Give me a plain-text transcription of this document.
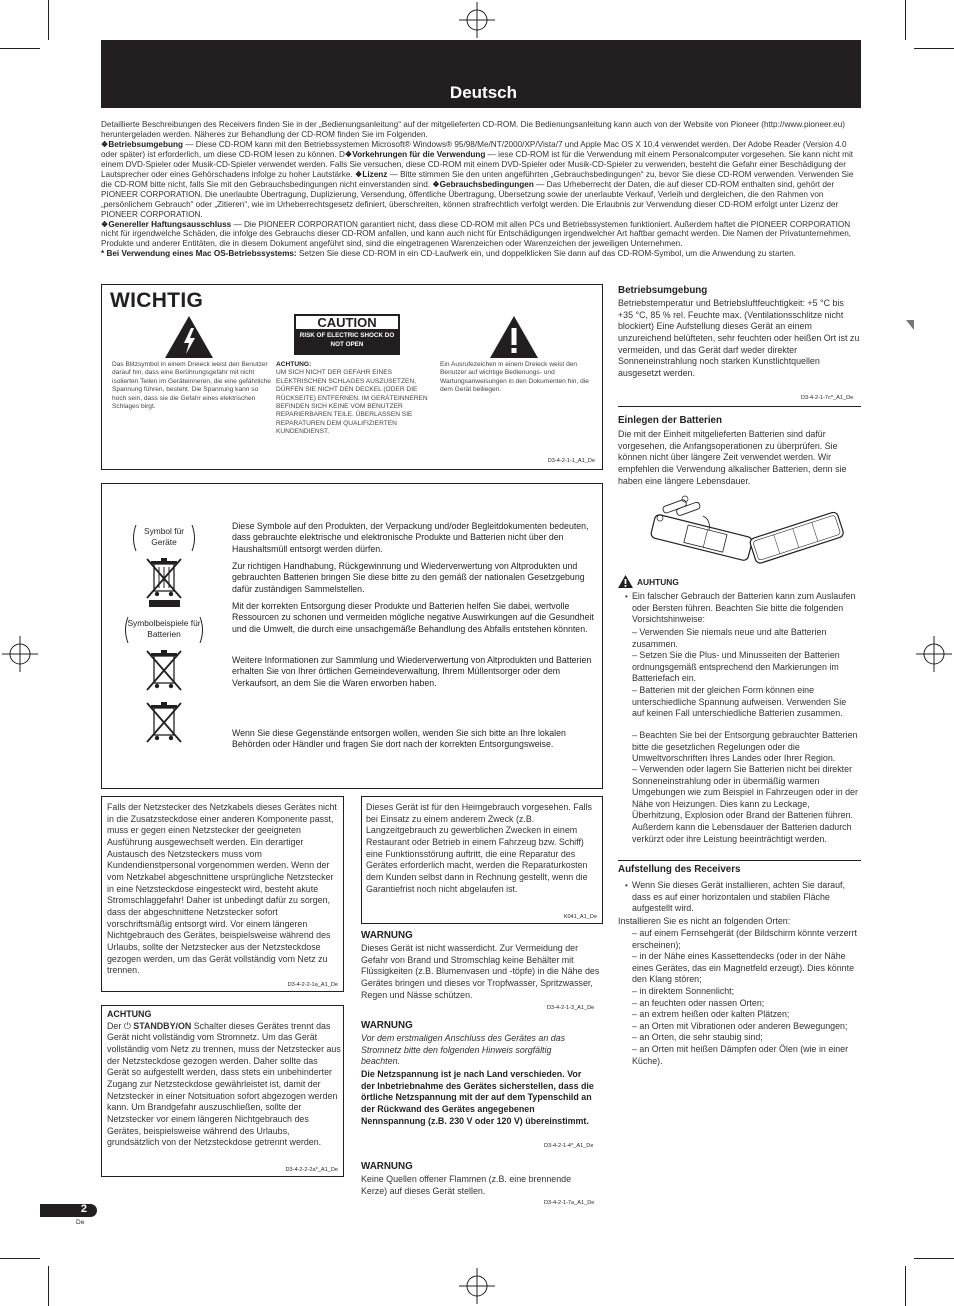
Deutsch

Detaillierte Beschreibungen des Receivers finden Sie in der „Bedienungsanleitung“ auf der mitgelieferten CD-ROM. Die Bedienungsanleitung kann auch von der Website von Pioneer (http://www.pioneer.eu) heruntergeladen werden. Näheres zur Behandlung der CD-ROM finden Sie im Folgenden.

❖Betriebsumgebung — Diese CD-ROM kann mit den Betriebssystemen Microsoft® Windows® 95/98/Me/NT/2000/XP/Vista/7 und Apple Mac OS X 10.4 verwendet werden. Der Adobe Reader (Version 4.0 oder später) ist erforderlich, um diese CD-ROM lesen zu können. D❖Vorkehrungen für die Verwendung — iese CD-ROM ist für die Verwendung mit einem Personalcomputer vorgesehen. Sie kann nicht mit einem DVD-Spieler oder Musik-CD-Spieler verwendet werden. Falls Sie versuchen, diese CD-ROM mit einem DVD-Spieler oder Musik-CD-Spieler zu verwenden, besteht die Gefahr einer Beschädigung der Lautsprecher oder eines Gehörschadens infolge zu hoher Lautstärke. ❖Lizenz — Bitte stimmen Sie den unten angeführten „Gebrauchsbedingungen“ zu, bevor Sie diese CD-ROM verwenden. Verwenden Sie die CD-ROM bitte nicht, falls Sie mit den Gebrauchsbedingungen nicht einverstanden sind. ❖Gebrauchsbedingungen — Das Urheberrecht der Daten, die auf dieser CD-ROM enthalten sind, gehört der PIONEER CORPORATION. Die unerlaubte Übertragung, Duplizierung, Versendung, öffentliche Übertragung, Übersetzung sowie der unerlaubte Verkauf, Verleih und dergleichen, die den Rahmen von „persönlichem Gebrauch“ oder „Zitieren“, wie im Urheberrechtsgesetz definiert, überschreiten, können strafrechtlich verfolgt werden. Die Erlaubnis zur Verwendung dieser CD-ROM erfolgt unter Lizenz der PIONEER CORPORATION.

❖Genereller Haftungsausschluss — Die PIONEER CORPORATION garantiert nicht, dass diese CD-ROM mit allen PCs und Betriebssystemen funktioniert. Außerdem haftet die PIONEER CORPORATION nicht für irgendwelche Schäden, die infolge des Gebrauchs dieser CD-ROM anfallen, und kann auch nicht für Entschädigungen irgendwelcher Art haftbar gemacht werden. Die Namen der Privatunternehmen, Produkte und anderer Entitäten, die in diesem Dokument angeführt sind, sind die eingetragenen Warenzeichen oder Warenzeichen der jeweiligen Unternehmen.

* Bei Verwendung eines Mac OS-Betriebssystems: Setzen Sie diese CD-ROM in ein CD-Laufwerk ein, und doppelklicken Sie dann auf das CD-ROM-Symbol, um die Anwendung zu starten.

WICHTIG
CAUTION
RISK OF ELECTRIC SHOCK DO NOT OPEN
Das Blitzsymbol in einem Dreieck weist den Benutzer darauf hin, dass eine Berührungsgefahr mit nicht isolierten Teilen im Geräteinneren, die eine gefährliche Spannung führen, besteht. Die Spannung kann so hoch sein, dass sie die Gefahr eines elektrischen Schlages birgt.
ACHTUNG:
UM SICH NICHT DER GEFAHR EINES ELEKTRISCHEN SCHLAGES AUSZUSETZEN, DÜRFEN SIE NICHT DEN DECKEL (ODER DIE RÜCKSEITE) ENTFERNEN. IM GERÄTEINNEREN BEFINDEN SICH KEINE VOM BENUTZER REPARIERBAREN TEILE. ÜBERLASSEN SIE REPARATUREN DEM QUALIFIZIERTEN KUNDENDIENST.
Ein Ausrufezeichen in einem Dreieck weist den Benutzer auf wichtige Bedienungs- und Wartungsanweisungen in den Dokumenten hin, die dem Gerät beiliegen.
D3-4-2-1-1_A1_De
Symbol für Geräte
Symbolbeispiele für Batterien
Diese Symbole auf den Produkten, der Verpackung und/oder Begleitdokumenten bedeuten, dass gebrauchte elektrische und elektronische Produkte und Batterien nicht über den Haushaltsmüll entsorgt werden dürfen.
Zur richtigen Handhabung, Rückgewinnung und Wiederverwertung von Altprodukten und gebrauchten Batterien bringen Sie diese bitte zu den gemäß der nationalen Gesetzgebung dafür zuständigen Sammelstellen.
Mit der korrekten Entsorgung dieser Produkte und Batterien helfen Sie dabei, wertvolle Ressourcen zu schonen und vermeiden mögliche negative Auswirkungen auf die Gesundheit und die Umwelt, die durch eine unsachgemäße Behandlung des Abfalls entstehen könnten.
Weitere Informationen zur Sammlung und Wiederverwertung von Altprodukten und Batterien erhalten Sie von Ihrer örtlichen Gemeindeverwaltung, Ihrem Müllentsorger oder dem Verkaufsort, an dem Sie die Waren erworben haben.
Wenn Sie diese Gegenstände entsorgen wollen, wenden Sie sich bitte an Ihre lokalen Behörden oder Händler und fragen Sie dort nach der korrekten Entsorgungsweise.
Falls der Netzstecker des Netzkabels dieses Gerätes nicht in die Zusatzsteckdose einer anderen Komponente passt, muss er gegen einen Netzstecker der geeigneten Ausführung ausgewechselt werden. Ein derartiger Austausch des Netzsteckers muss vom Kundendienstpersonal vorgenommen werden. Wenn der vom Netzkabel abgeschnittene ursprüngliche Netzstecker in eine Netzsteckdose eingesteckt wird, besteht akute Stromschlaggefahr! Daher ist unbedingt dafür zu sorgen, dass der abgeschnittene Netzstecker sofort vorschriftsmäßig entsorgt wird. Vor einem längeren Nichtgebrauch des Gerätes, beispielsweise während des Urlaubs, sollte der Netzstecker aus der Netzsteckdose gezogen werden, um das Gerät vollständig vom Netz zu trennen.
D3-4-2-2-1a_A1_De
ACHTUNG
Der ⏻ STANDBY/ON Schalter dieses Gerätes trennt das Gerät nicht vollständig vom Stromnetz. Um das Gerät vollständig vom Netz zu trennen, muss der Netzstecker aus der Netzsteckdose gezogen werden. Daher sollte das Gerät so aufgestellt werden, dass stets ein unbehinderter Zugang zur Netzsteckdose gewährleistet ist, damit der Netzstecker in einer Notsituation sofort abgezogen werden kann. Um Brandgefahr auszuschließen, sollte der Netzstecker vor einem längeren Nichtgebrauch des Gerätes, beispielsweise während des Urlaubs, grundsätzlich von der Netzsteckdose getrennt werden.
D3-4-2-2-2a*_A1_De
Dieses Gerät ist für den Heimgebrauch vorgesehen. Falls bei Einsatz zu einem anderem Zweck (z.B. Langzeitgebrauch zu gewerblichen Zwecken in einem Restaurant oder Betrieb in einem Fahrzeug bzw. Schiff) eine Funktionsstörung auftritt, die eine Reparatur des Gerätes erforderlich macht, werden die Reparaturkosten dem Kunden selbst dann in Rechnung gestellt, wenn die Garantiefrist noch nicht abgelaufen ist.
K041_A1_De
WARNUNG
Dieses Gerät ist nicht wasserdicht. Zur Vermeidung der Gefahr von Brand und Stromschlag keine Behälter mit Flüssigkeiten (z.B. Blumenvasen und -töpfe) in die Nähe des Gerätes bringen und dieses vor Tropfwasser, Spritzwasser, Regen und Nässe schützen.
D3-4-2-1-3_A1_De
WARNUNG
Vor dem erstmaligen Anschluss des Gerätes an das Stromnetz bitte den folgenden Hinweis sorgfältig beachten.
Die Netzspannung ist je nach Land verschieden. Vor der Inbetriebnahme des Gerätes sicherstellen, dass die örtliche Netzspannung mit der auf dem Typenschild an der Rückwand des Gerätes angegebenen Nennspannung (z.B. 230 V oder 120 V) übereinstimmt.
D3-4-2-1-4*_A1_De
WARNUNG
Keine Quellen offener Flammen (z.B. eine brennende Kerze) auf dieses Gerät stellen.
D3-4-2-1-7a_A1_De
Betriebsumgebung
Betriebstemperatur und Betriebsluftfeuchtigkeit: +5 °C bis +35 °C, 85 % rel. Feuchte max. (Ventilationsschlitze nicht blockiert) Eine Aufstellung dieses Gerät an einem unzureichend belüfteten, sehr feuchten oder heißen Ort ist zu vermeiden, und das Gerät darf weder direkter Sonneneinstrahlung noch starken Kunstlichtquellen ausgesetzt werden.
D3-4-2-1-7c*_A1_De
Einlegen der Batterien
Die mit der Einheit mitgelieferten Batterien sind dafür vorgesehen, die Anfangsoperationen zu überprüfen. Sie können nicht über längere Zeit verwendet werden. Wir empfehlen die Verwendung alkalischer Batterien, denn sie haben eine längere Lebensdauer.
AUHTUNG
• Ein falscher Gebrauch der Batterien kann zum Auslaufen oder Bersten führen. Beachten Sie bitte die folgenden Vorsichtshinweise:
– Verwenden Sie niemals neue und alte Batterien zusammen.
– Setzen Sie die Plus- und Minusseiten der Batterien ordnungsgemäß entsprechend den Markierungen im Batteriefach ein.
– Batterien mit der gleichen Form können eine unterschiedliche Spannung aufweisen. Verwenden Sie auf keinen Fall unterschiedliche Batterien zusammen.
– Beachten Sie bei der Entsorgung gebrauchter Batterien bitte die gesetzlichen Regelungen oder die Umweltvorschriften Ihres Landes oder Ihrer Region.
– Verwenden oder lagern Sie Batterien nicht bei direkter Sonneneinstrahlung oder in übermäßig warmen Umgebungen wie zum Beispiel in Fahrzeugen oder in der Nähe von Heizungen. Dies kann zu Leckage, Überhitzung, Explosion oder Brand der Batterien führen. Außerdem kann die Lebensdauer der Batterien dadurch verkürzt oder ihre Leistung beeinträchtigt werden.
Aufstellung des Receivers
• Wenn Sie dieses Gerät installieren, achten Sie darauf, dass es auf einer horizontalen und stabilen Fläche aufgestellt wird.
Installieren Sie es nicht an folgenden Orten:
– auf einem Fernsehgerät (der Bildschirm könnte verzerrt erscheinen);
– in der Nähe eines Kassettendecks (oder in der Nähe eines Gerätes, das ein Magnetfeld erzeugt). Dies könnte den Klang stören;
– in direktem Sonnenlicht;
– an feuchten oder nassen Orten;
– an extrem heißen oder kalten Plätzen;
– an Orten mit Vibrationen oder anderen Bewegungen;
– an Orten, die sehr staubig sind;
– an Orten mit heißen Dämpfen oder Ölen (wie in einer Küche).
2
De
